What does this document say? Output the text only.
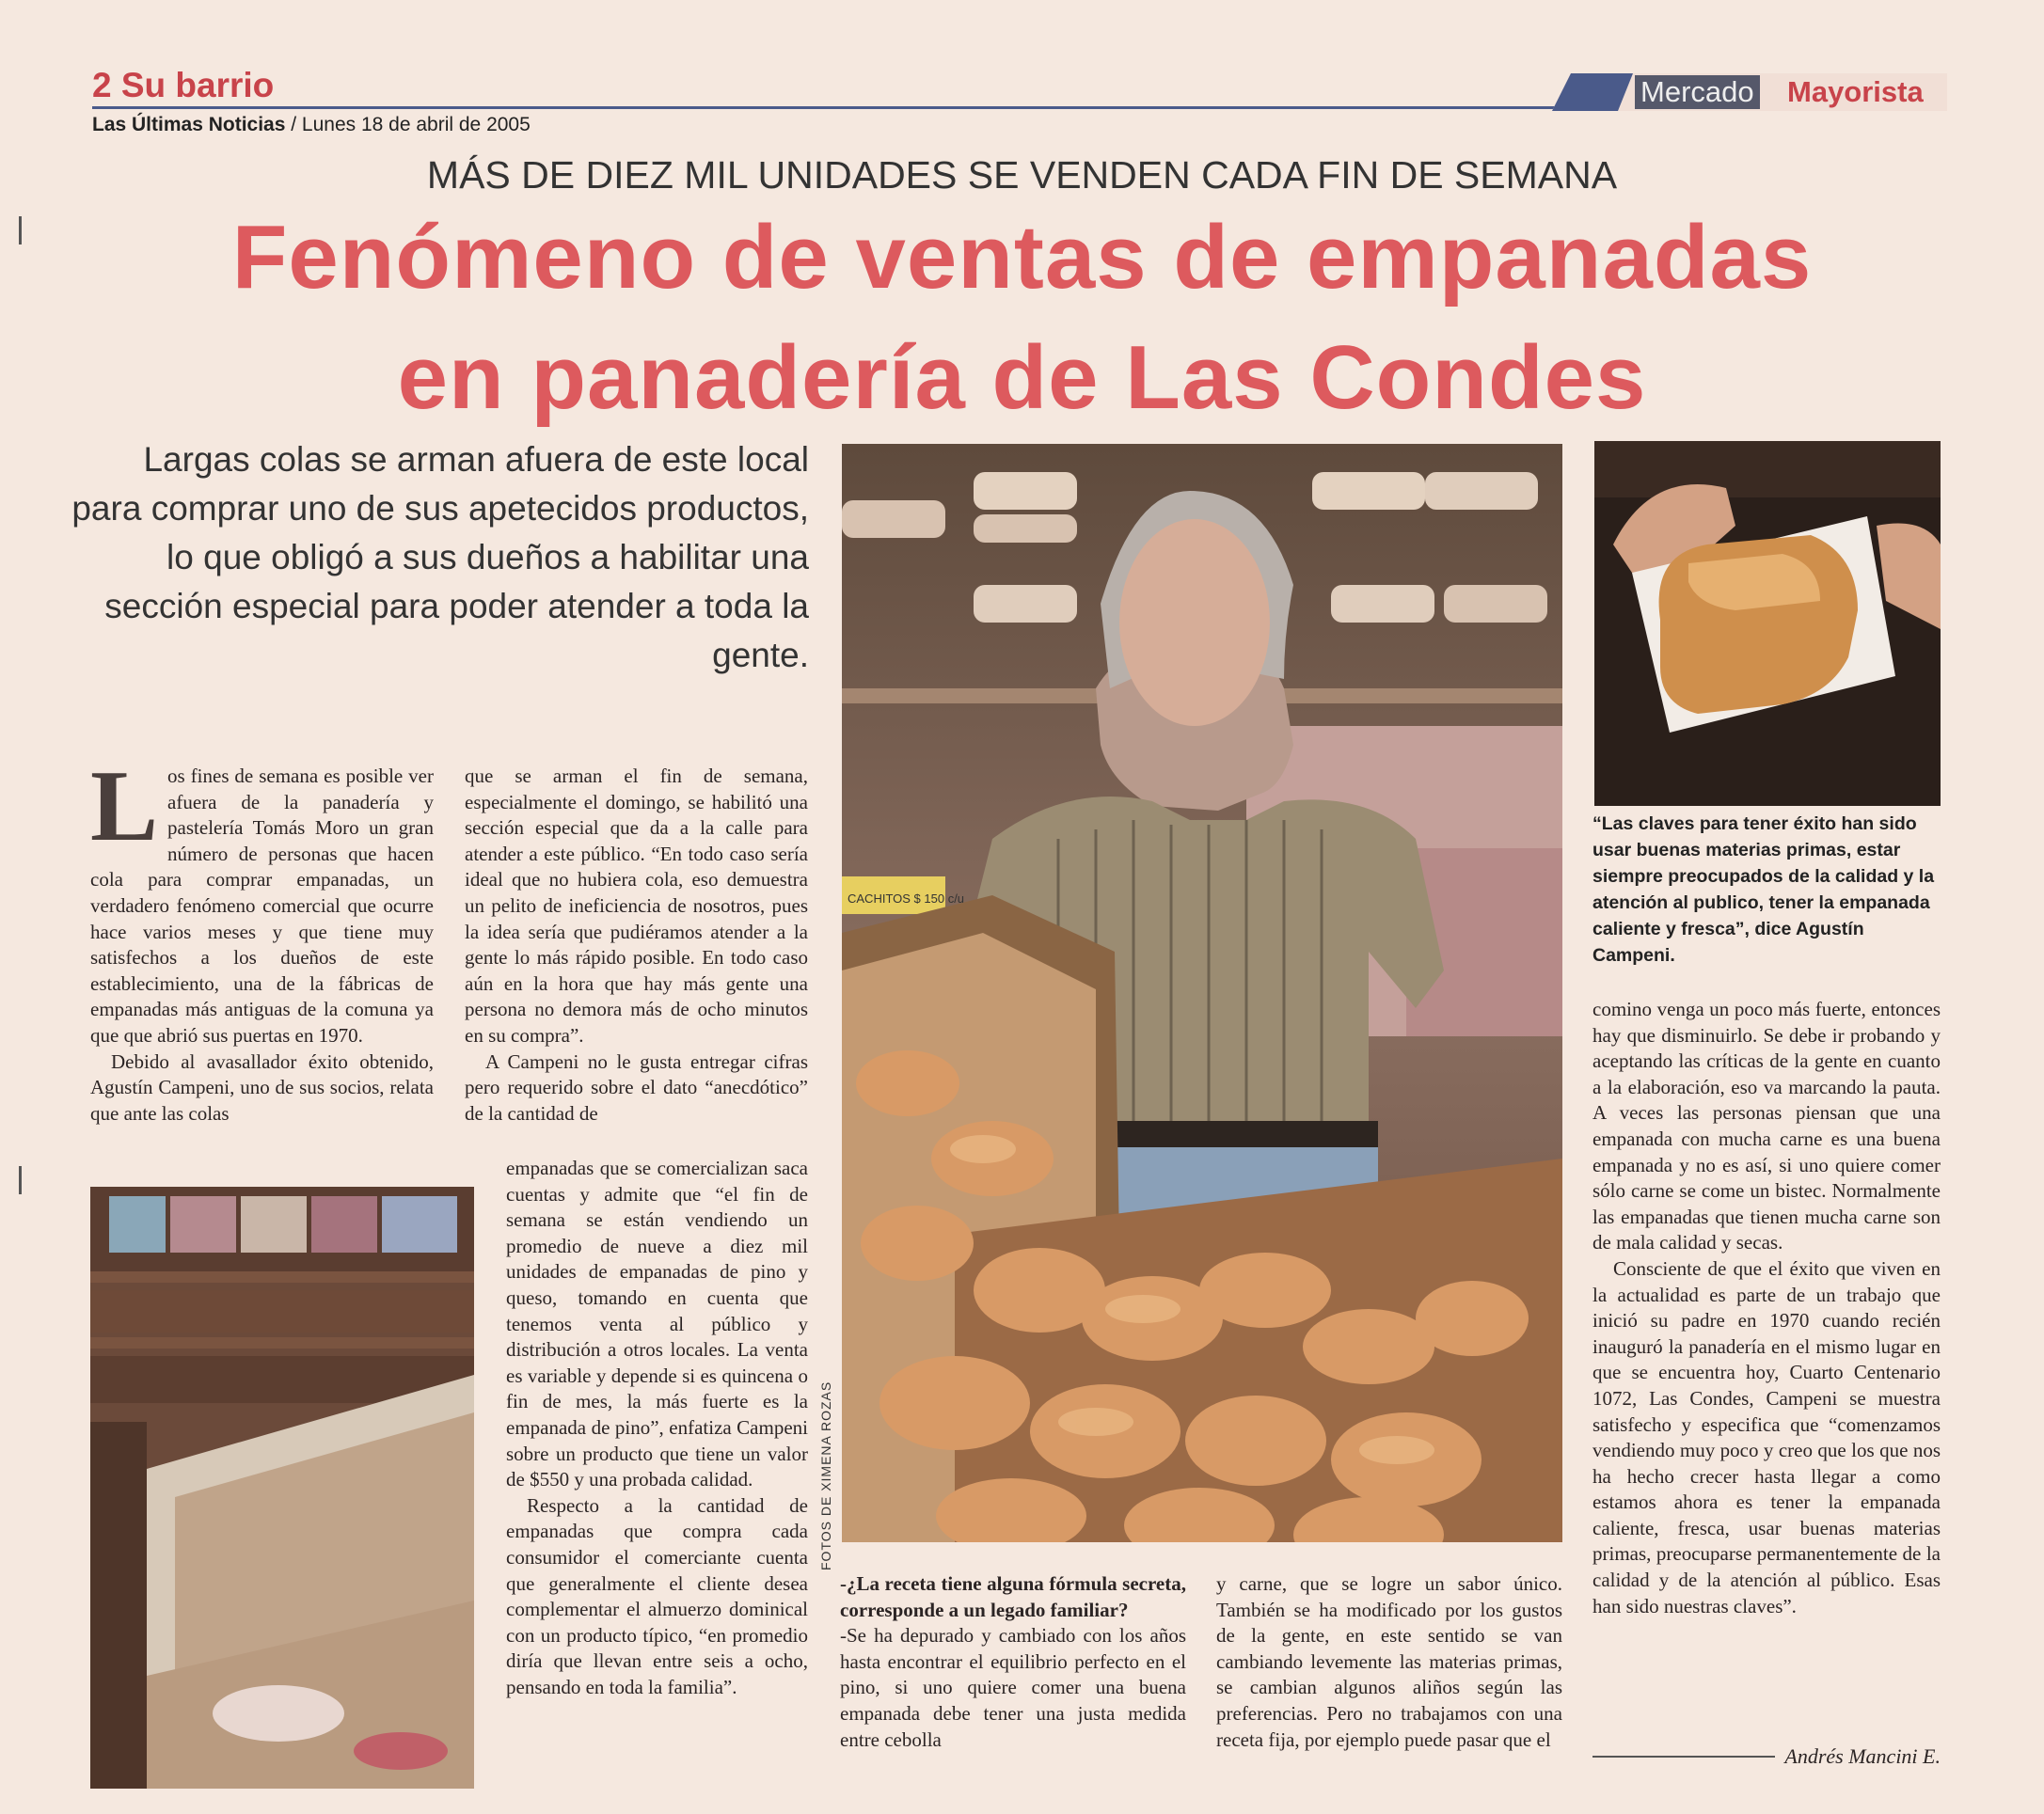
2 Su barrio
Las Últimas Noticias / Lunes 18 de abril de 2005
Mercado Mayorista
MÁS DE DIEZ MIL UNIDADES SE VENDEN CADA FIN DE SEMANA
Fenómeno de ventas de empanadas
en panadería de Las Condes
Largas colas se arman afuera de este local para comprar uno de sus apetecidos productos, lo que obligó a sus dueños a habilitar una sección especial para poder atender a toda la gente.
L os fines de semana es posible ver afuera de la panadería y pastelería Tomás Moro un gran número de personas que hacen cola para comprar empanadas, un verdadero fenómeno comercial que ocurre hace varios meses y que tiene muy satisfechos a los dueños de este establecimiento, una de la fábricas de empanadas más antiguas de la comuna ya que que abrió sus puertas en 1970.

Debido al avasallador éxito obtenido, Agustín Campeni, uno de sus socios, relata que ante las colas

que se arman el fin de semana, especialmente el domingo, se habilitó una sección especial que da a la calle para atender a este público. “En todo caso sería ideal que no hubiera cola, eso demuestra un pelito de ineficiencia de nosotros, pues la idea sería que pudiéramos atender a la gente lo más rápido posible. En todo caso aún en la hora que hay más gente una persona no demora más de ocho minutos en su compra”.

A Campeni no le gusta entregar cifras pero requerido sobre el dato “anecdótico” de la cantidad de

empanadas que se comercializan saca cuentas y admite que “el fin de semana se están vendiendo un promedio de nueve a diez mil unidades de empanadas de pino y queso, tomando en cuenta que tenemos venta al público y distribución a otros locales. La venta es variable y depende si es quincena o fin de mes, la más fuerte es la empanada de pino”, enfatiza Campeni sobre un producto que tiene un valor de $550 y una probada calidad.

Respecto a la cantidad de empanadas que compra cada consumidor el comerciante cuenta que generalmente el cliente desea complementar el almuerzo dominical con un producto típico, “en promedio diría que llevan entre seis a ocho, pensando en toda la familia”.

FOTOS DE XIMENA ROZAS
CACHITOS $ 150 c/u
“Las claves para tener éxito han sido usar buenas materias primas, estar siempre preocupados de la calidad y la atención al publico, tener la empanada caliente y fresca”, dice Agustín Campeni.

-¿La receta tiene alguna fórmula secreta, corresponde a un legado familiar?

-Se ha depurado y cambiado con los años hasta encontrar el equilibrio perfecto en el pino, si uno quiere comer una buena empanada debe tener una justa medida entre cebolla

y carne, que se logre un sabor único. También se ha modificado por los gustos de la gente, en este sentido se van cambiando levemente las materias primas, se cambian algunos aliños según las preferencias. Pero no trabajamos con una receta fija, por ejemplo puede pasar que el

comino venga un poco más fuerte, entonces hay que disminuirlo. Se debe ir probando y aceptando las críticas de la gente en cuanto a la elaboración, eso va marcando la pauta. A veces las personas piensan que una empanada con mucha carne es una buena empanada y no es así, si uno quiere comer sólo carne se come un bistec. Normalmente las empanadas que tienen mucha carne son de mala calidad y secas.

Consciente de que el éxito que viven en la actualidad es parte de un trabajo que inició su padre en 1970 cuando recién inauguró la panadería en el mismo lugar en que se encuentra hoy, Cuarto Centenario 1072, Las Condes, Campeni se muestra satisfecho y especifica que “comenzamos vendiendo muy poco y creo que los que nos ha hecho crecer hasta llegar a como estamos ahora es tener la empanada caliente, fresca, usar buenas materias primas, preocuparse permanentemente de la calidad y de la atención al público. Esas han sido nuestras claves”.

Andrés Mancini E.
